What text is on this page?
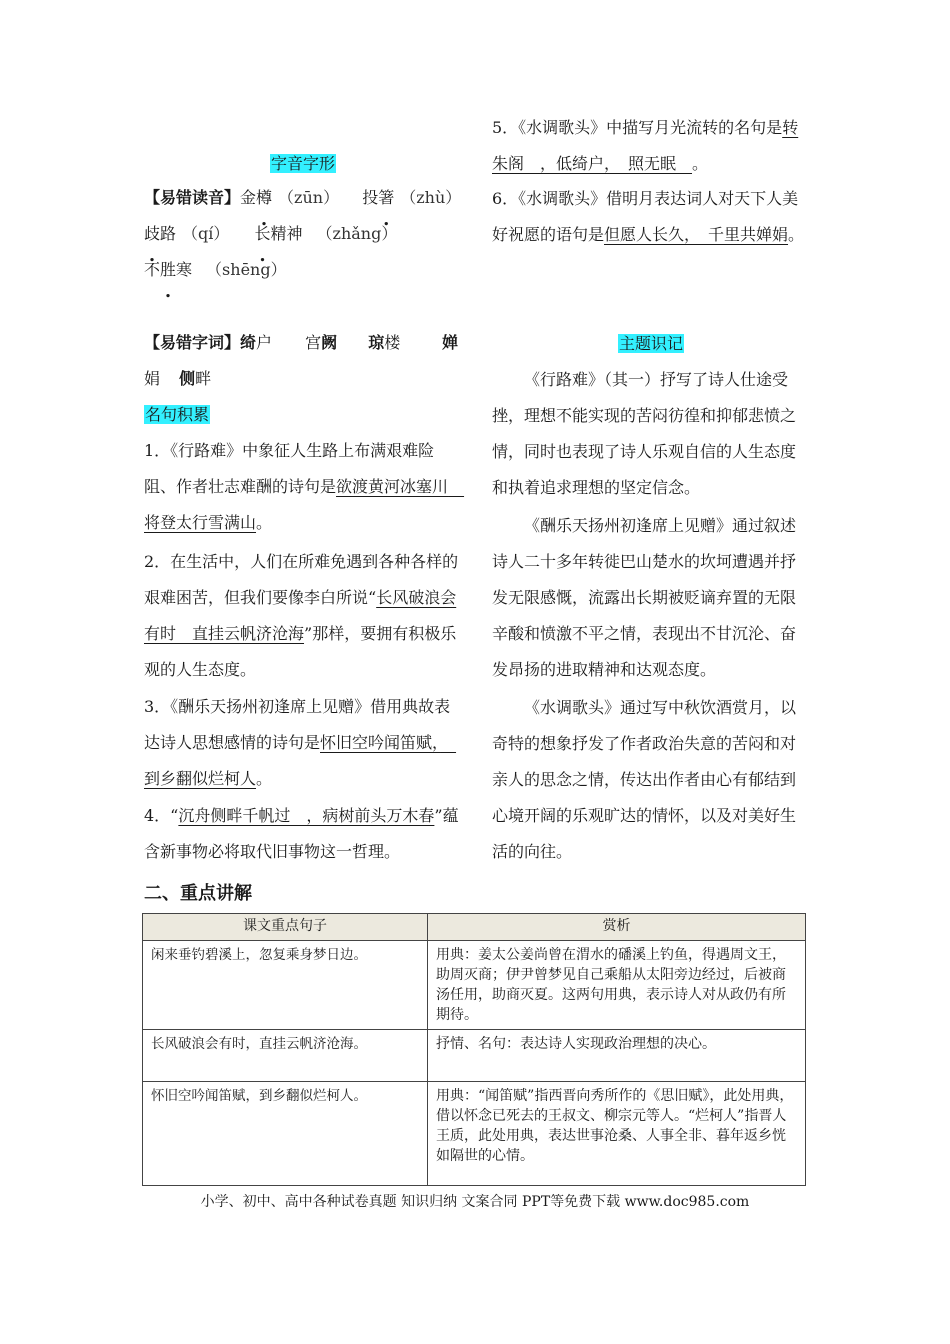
字音字形
【易错读音】金樽 （zūn） 投箸 （zhù）
歧路 （qí） 长精神 （zhǎng）
不胜寒 （shēng）
【易错字词】绮户 宫阙 琼楼	婵
娟 侧畔
名句积累
1．《行路难》中象征人生路上布满艰难险阻、作者壮志难酬的诗句是欲渡黄河冰塞川　将登太行雪满山。
2．在生活中，人们在所难免遇到各种各样的艰难困苦，但我们要像李白所说“长风破浪会有时　直挂云帆济沧海”那样，要拥有积极乐观的人生态度。
3．《酬乐天扬州初逢席上见赠》借用典故表达诗人思想感情的诗句是怀旧空吟闻笛赋，　到乡翻似烂柯人。
4．“沉舟侧畔千帆过　，病树前头万木春”蕴含新事物必将取代旧事物这一哲理。
5．《水调歌头》中描写月光流转的名句是转朱阁　，低绮户，　照无眠　。
6．《水调歌头》借明月表达词人对天下人美好祝愿的语句是但愿人长久，　千里共婵娟。
主题识记
《行路难》（其一）抒写了诗人仕途受挫，理想不能实现的苦闷彷徨和抑郁悲愤之情，同时也表现了诗人乐观自信的人生态度和执着追求理想的坚定信念。
《酬乐天扬州初逢席上见赠》通过叙述诗人二十多年转徙巴山楚水的坎坷遭遇并抒发无限感慨，流露出长期被贬谪弃置的无限辛酸和愤激不平之情，表现出不甘沉沦、奋发昂扬的进取精神和达观态度。
《水调歌头》通过写中秋饮酒赏月，以奇特的想象抒发了作者政治失意的苦闷和对亲人的思念之情，传达出作者由心有郁结到心境开阔的乐观旷达的情怀，以及对美好生活的向往。
二、重点讲解
课文重点句子	赏析
闲来垂钓碧溪上，忽复乘身梦日边。	用典：姜太公姜尚曾在渭水的磻溪上钓鱼，得遇周文王，助周灭商；伊尹曾梦见自己乘船从太阳旁边经过，后被商汤任用，助商灭夏。这两句用典，表示诗人对从政仍有所期待。
长风破浪会有时，直挂云帆济沧海。	抒情、名句：表达诗人实现政治理想的决心。
怀旧空吟闻笛赋，到乡翻似烂柯人。	用典：“闻笛赋”指西晋向秀所作的《思旧赋》，此处用典，借以怀念已死去的王叔文、柳宗元等人。“烂柯人”指晋人王质，此处用典，表达世事沧桑、人事全非、暮年返乡恍如隔世的心情。
小学、初中、高中各种试卷真题 知识归纳 文案合同 PPT等免费下载 www.doc985.com
